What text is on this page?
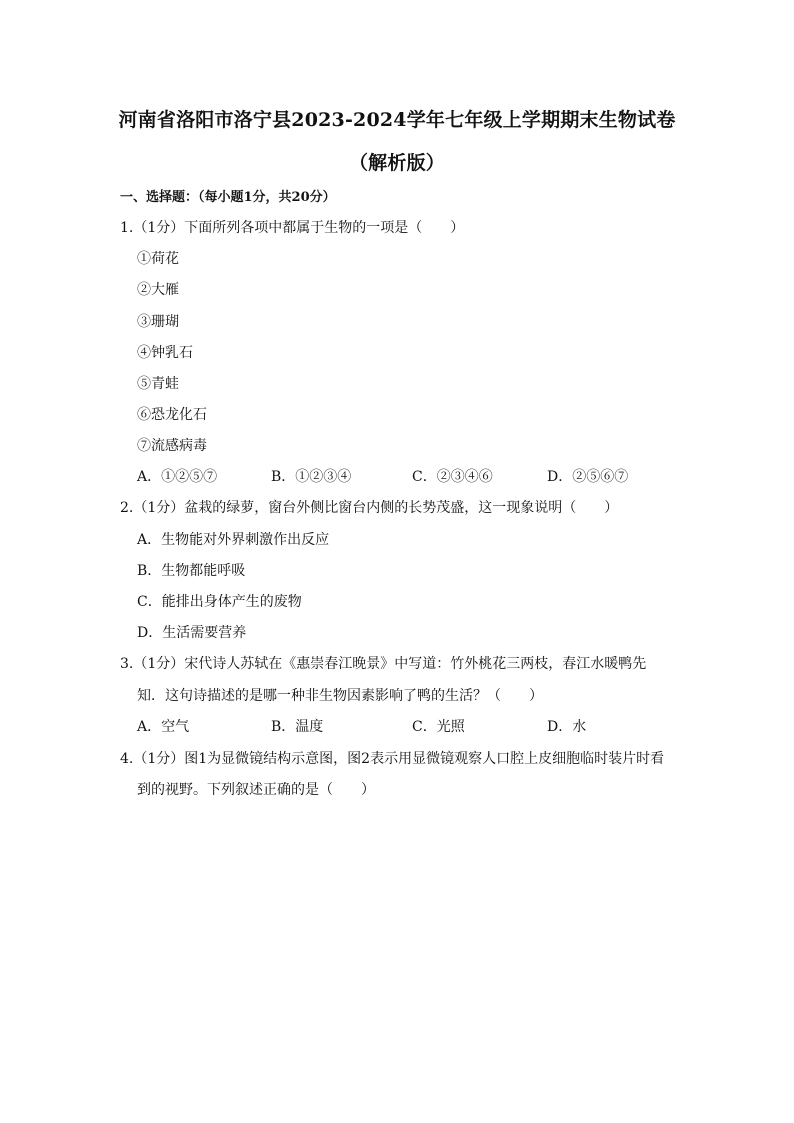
河南省洛阳市洛宁县2023-2024学年七年级上学期期末生物试卷
（解析版）
一、选择题：（每小题1分，共20分）
1.（1分）下面所列各项中都属于生物的一项是（　　）
①荷花
②大雁
③珊瑚
④钟乳石
⑤青蛙
⑥恐龙化石
⑦流感病毒
A．①②⑤⑦	B．①②③④	C．②③④⑥	D．②⑤⑥⑦
2.（1分）盆栽的绿萝，窗台外侧比窗台内侧的长势茂盛，这一现象说明（　　）
A．生物能对外界刺激作出反应
B．生物都能呼吸
C．能排出身体产生的废物
D．生活需要营养
3.（1分）宋代诗人苏轼在《惠崇春江晚景》中写道：竹外桃花三两枝，春江水暖鸭先
知．这句诗描述的是哪一种非生物因素影响了鸭的生活？（　　）
A．空气	B．温度	C．光照	D．水
4.（1分）图1为显微镜结构示意图，图2表示用显微镜观察人口腔上皮细胞临时装片时看
到的视野。下列叙述正确的是（　　）
